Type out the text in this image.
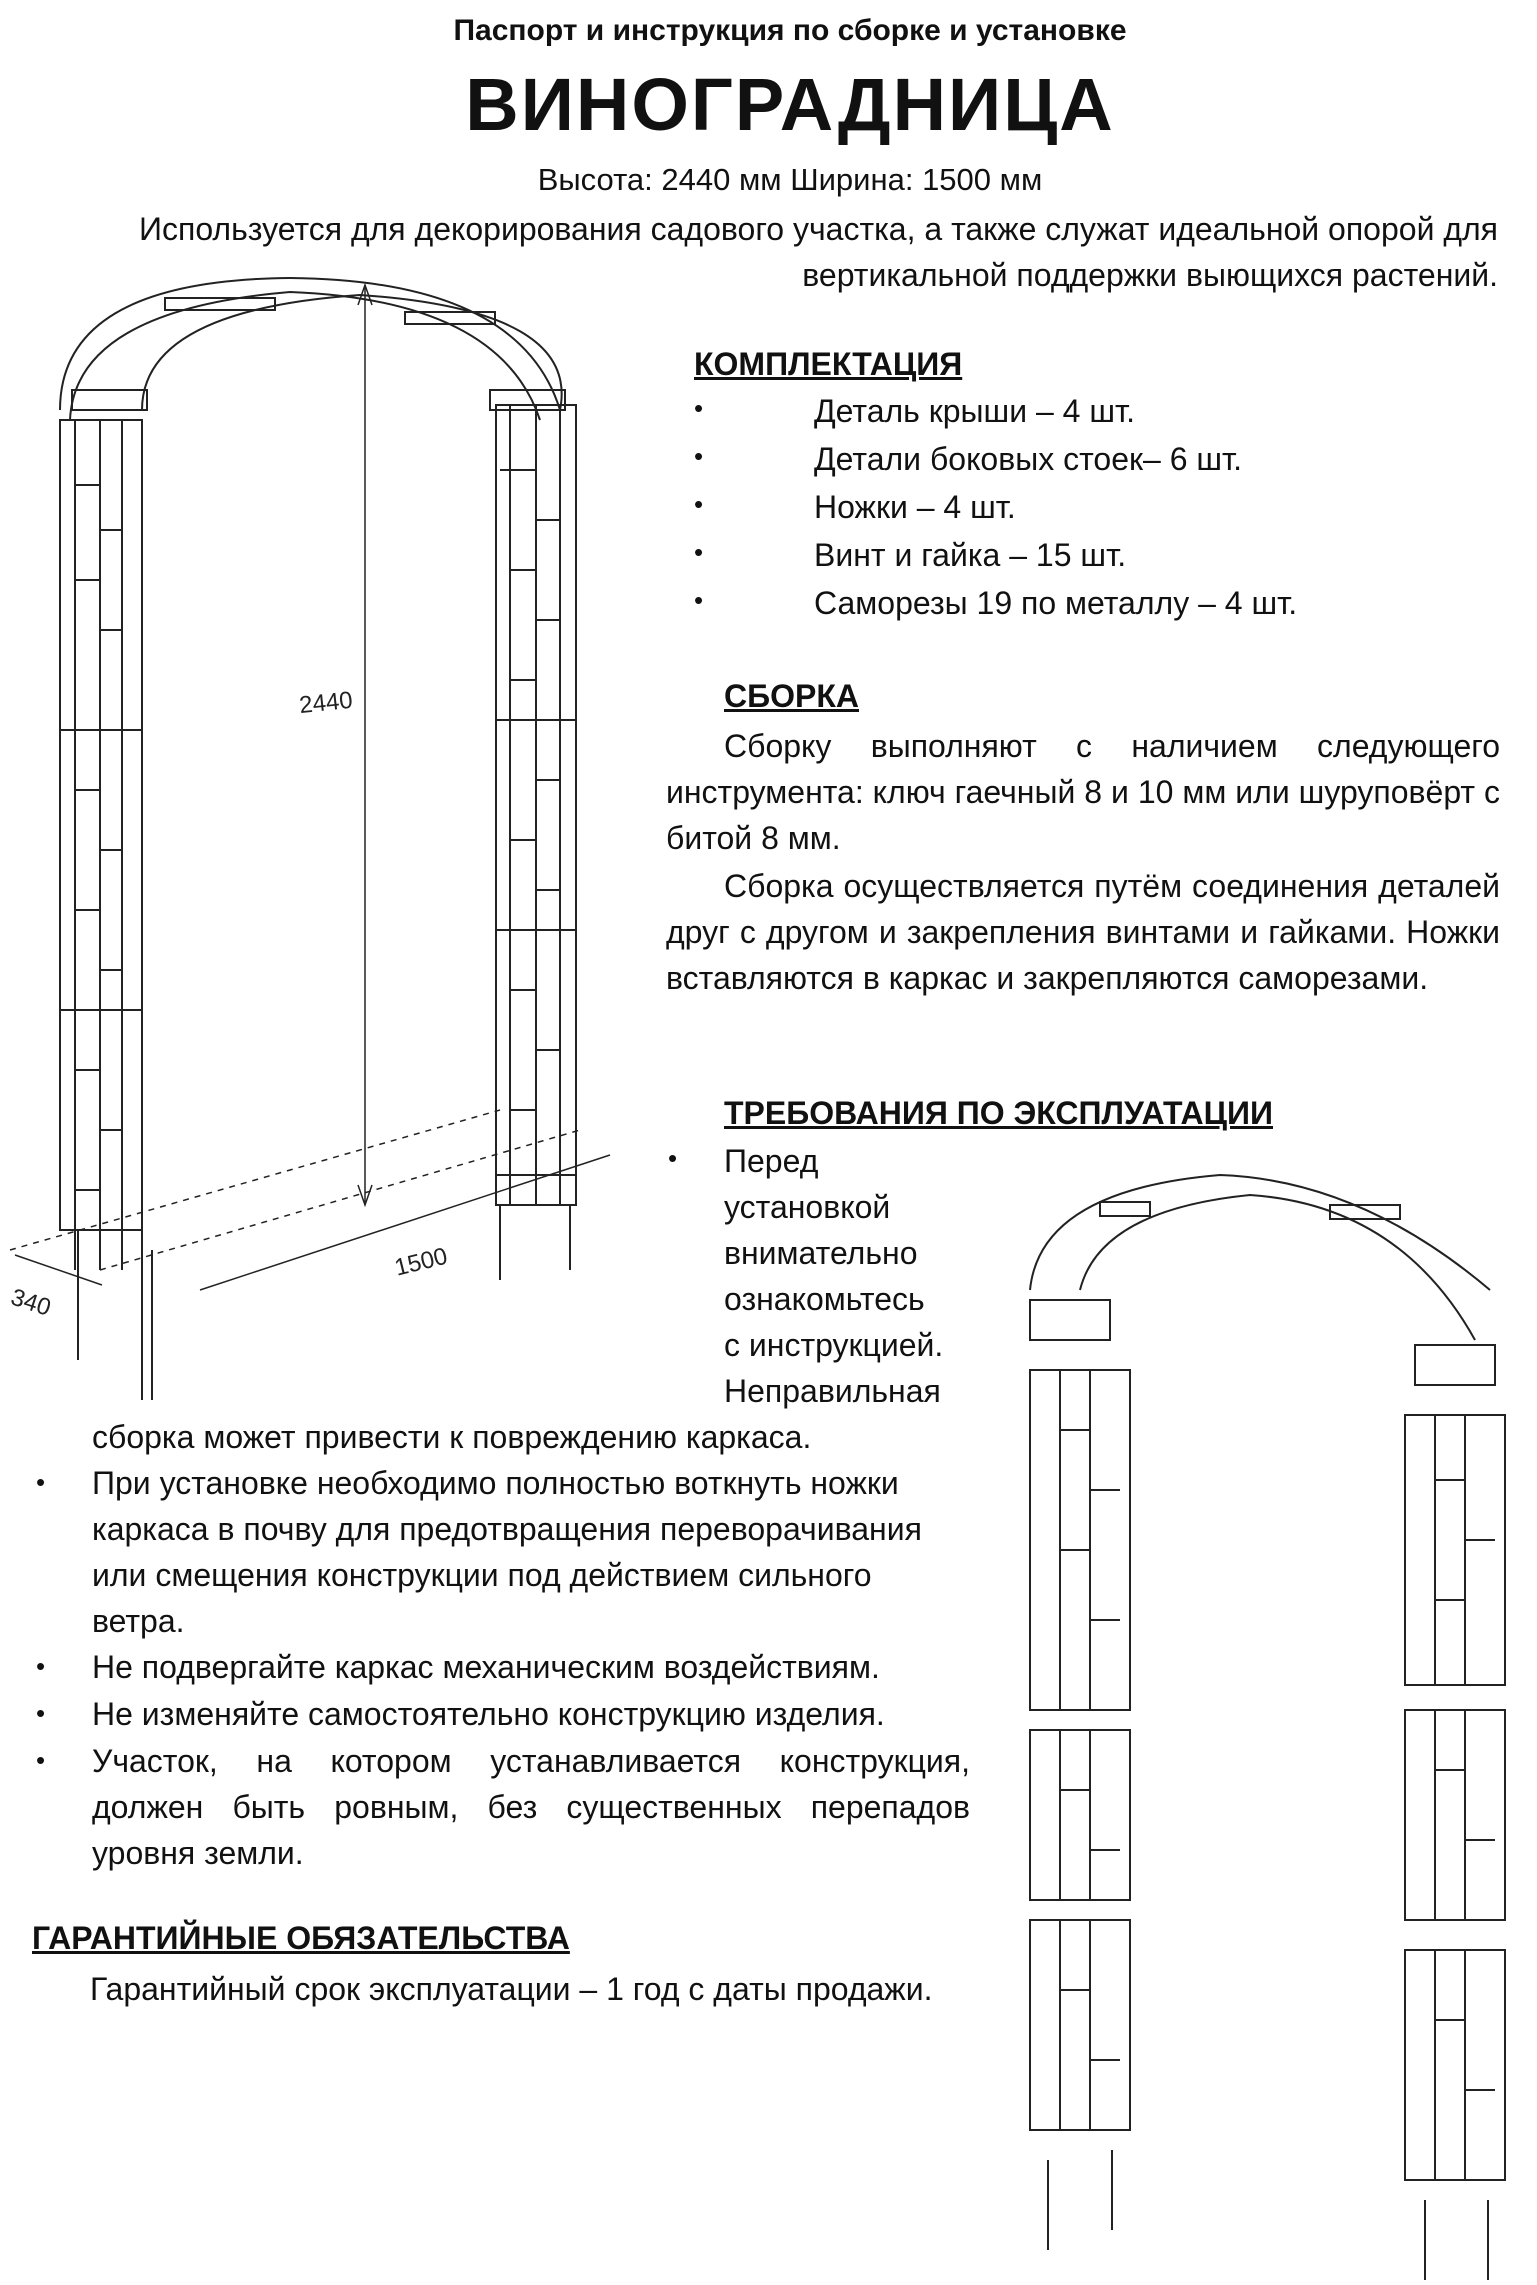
Паспорт и инструкция по сборке и установке
ВИНОГРАДНИЦА
Высота: 2440 мм Ширина: 1500 мм
Используется для декорирования садового участка, а также служат идеальной опорой для вертикальной поддержки выющихся растений.
2440
1500
340
КОМПЛЕКТАЦИЯ
•	Деталь крыши – 4 шт.
•	Детали боковых стоек– 6 шт.
•	Ножки – 4 шт.
•	Винт и гайка – 15 шт.
•	Саморезы 19 по металлу – 4 шт.
СБОРКА
Сборку выполняют с наличием следующего инструмента: ключ гаечный 8 и 10 мм или шуруповёрт с битой 8 мм.
Сборка осуществляется путём соединения деталей друг с другом и закрепления винтами и гайками. Ножки вставляются в каркас и закрепляются саморезами.
ТРЕБОВАНИЯ ПО ЭКСПЛУАТАЦИИ
• Перед
установкой
внимательно
ознакомьтесь
с инструкцией.
Неправильная
сборка может привести к повреждению каркаса.
• При установке необходимо полностью воткнуть ножки каркаса в почву для предотвращения переворачивания или смещения конструкции под действием сильного ветра.
• Не подвергайте каркас механическим воздействиям.
• Не изменяйте самостоятельно конструкцию изделия.
• Участок, на котором устанавливается конструкция, должен быть ровным, без существенных перепадов уровня земли.
ГАРАНТИЙНЫЕ ОБЯЗАТЕЛЬСТВА
Гарантийный срок эксплуатации – 1 год с даты продажи.
